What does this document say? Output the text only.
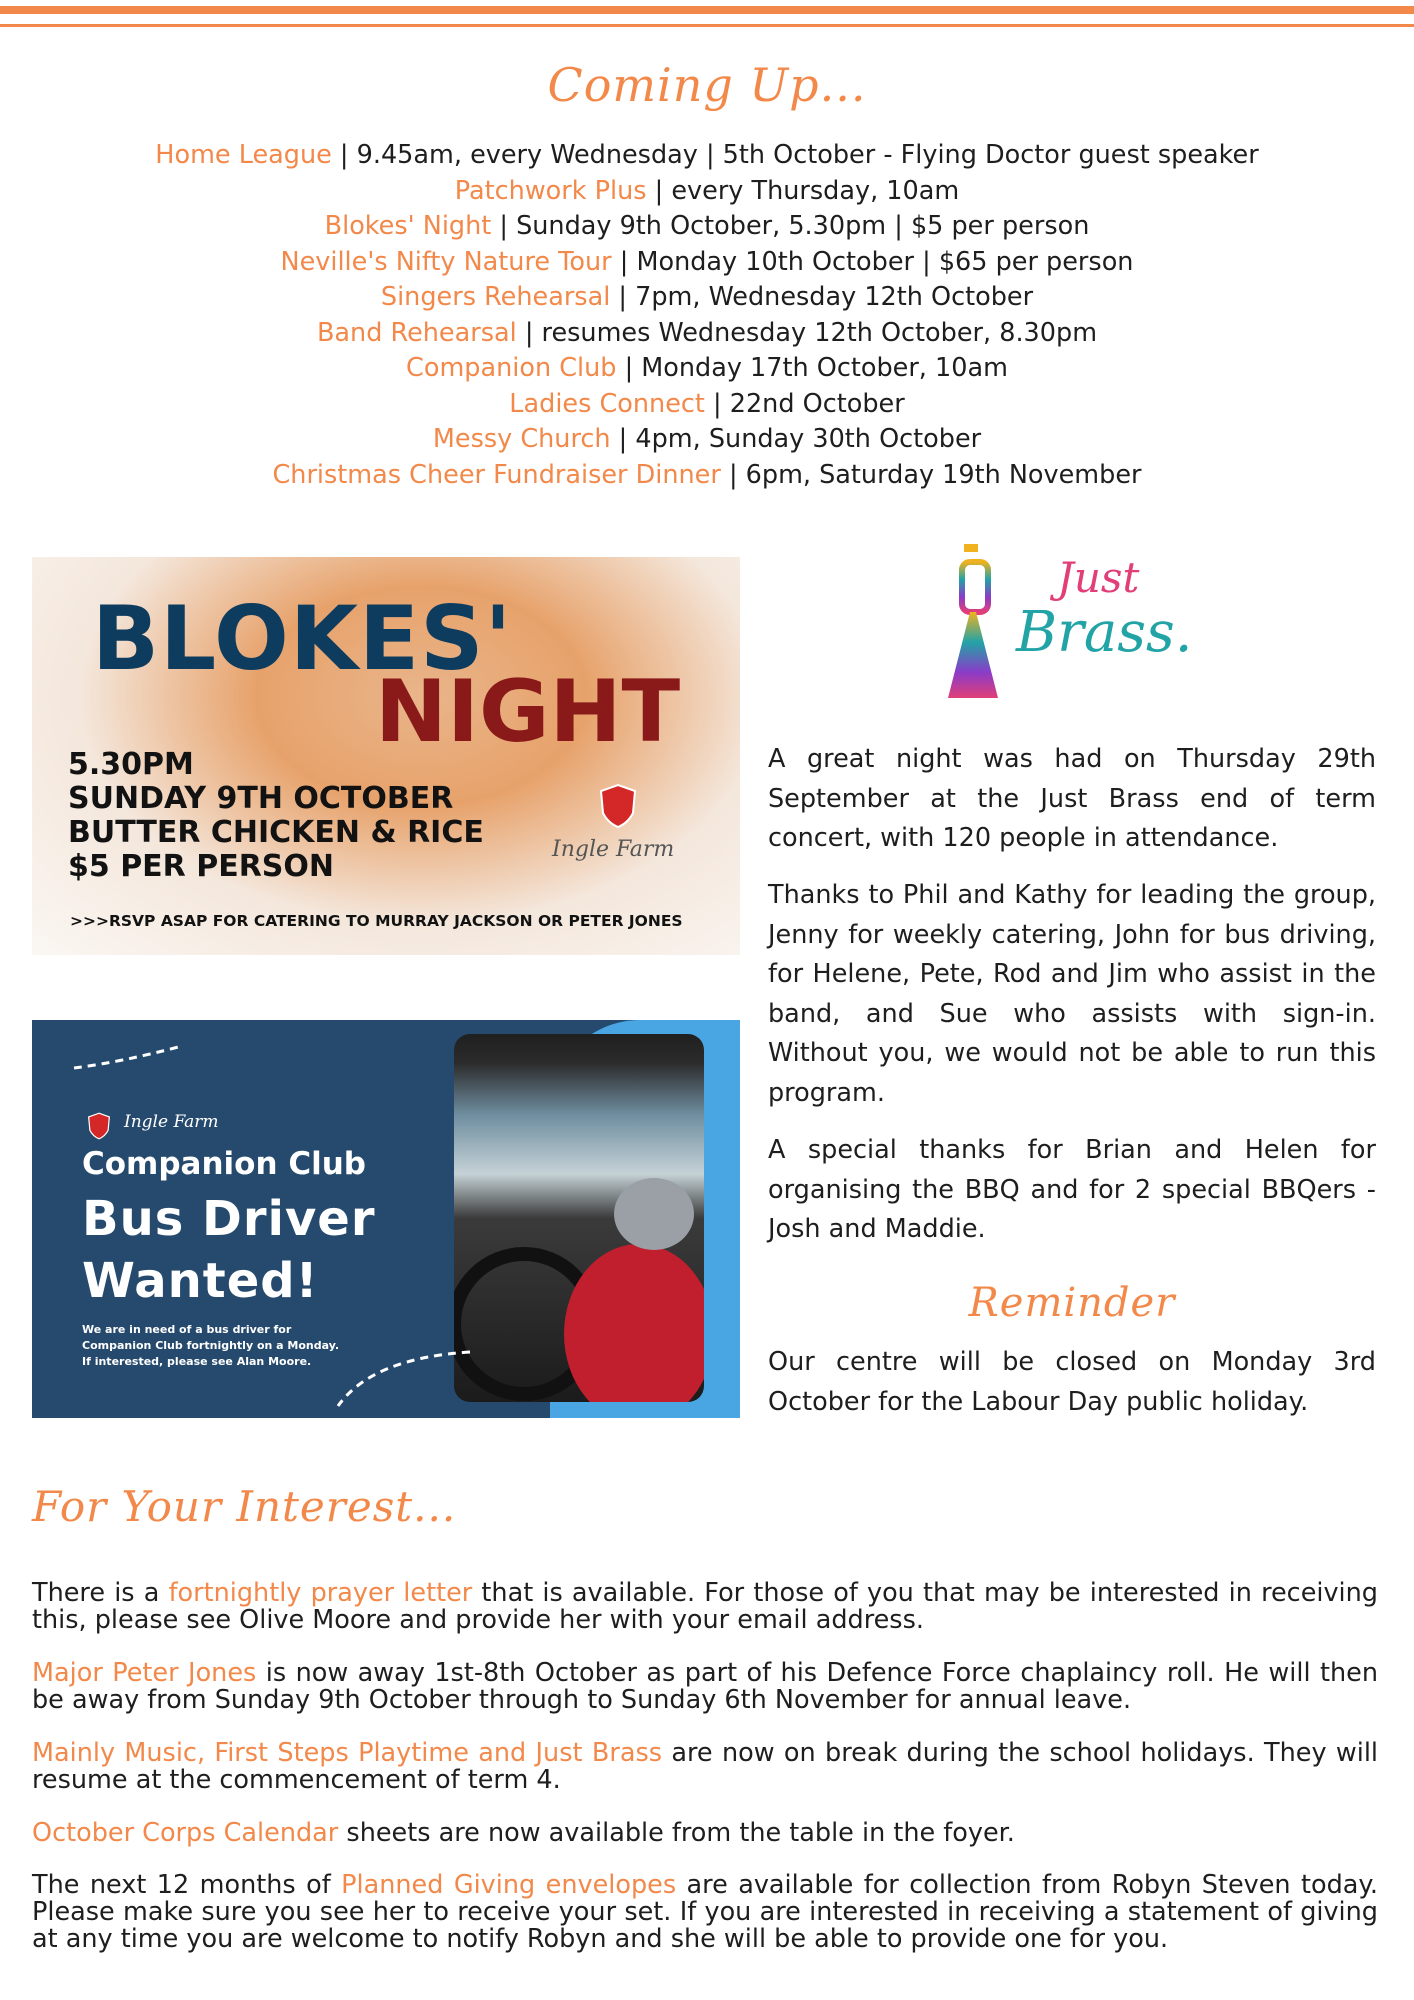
Coming Up...
Home League | 9.45am, every Wednesday | 5th October - Flying Doctor guest speaker
Patchwork Plus | every Thursday, 10am
Blokes' Night | Sunday 9th October, 5.30pm | $5 per person
Neville's Nifty Nature Tour | Monday 10th October | $65 per person
Singers Rehearsal | 7pm, Wednesday 12th October
Band Rehearsal | resumes Wednesday 12th October, 8.30pm
Companion Club | Monday 17th October, 10am
Ladies Connect | 22nd October
Messy Church | 4pm, Sunday 30th October
Christmas Cheer Fundraiser Dinner | 6pm, Saturday 19th November
BLOKES'
NIGHT
5.30PM
SUNDAY 9TH OCTOBER
BUTTER CHICKEN & RICE
$5 PER PERSON	Ingle Farm
>>>RSVP ASAP FOR CATERING TO MURRAY JACKSON OR PETER JONES
Ingle Farm
Companion Club
Bus Driver
Wanted!
We are in need of a bus driver for
Companion Club fortnightly on a Monday.
If interested, please see Alan Moore.
Just
Brass.

A great night was had on Thursday 29th September at the Just Brass end of term concert, with 120 people in attendance.

Thanks to Phil and Kathy for leading the group, Jenny for weekly catering, John for bus driving, for Helene, Pete, Rod and Jim who assist in the band, and Sue who assists with sign-in. Without you, we would not be able to run this program.

A special thanks for Brian and Helen for organising the BBQ and for 2 special BBQers - Josh and Maddie.

Reminder

Our centre will be closed on Monday 3rd October for the Labour Day public holiday.

For Your Interest...

There is a fortnightly prayer letter that is available. For those of you that may be interested in receiving this, please see Olive Moore and provide her with your email address.

Major Peter Jones is now away 1st-8th October as part of his Defence Force chaplaincy roll. He will then be away from Sunday 9th October through to Sunday 6th November for annual leave.

Mainly Music, First Steps Playtime and Just Brass are now on break during the school holidays. They will resume at the commencement of term 4.

October Corps Calendar sheets are now available from the table in the foyer.

The next 12 months of Planned Giving envelopes are available for collection from Robyn Steven today. Please make sure you see her to receive your set. If you are interested in receiving a statement of giving at any time you are welcome to notify Robyn and she will be able to provide one for you.
